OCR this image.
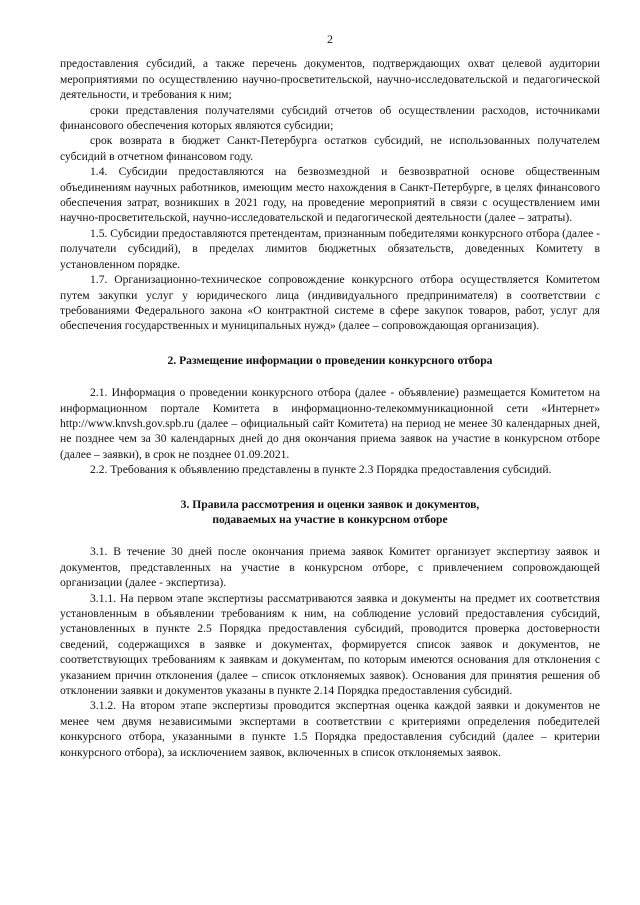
2

предоставления субсидий, а также перечень документов, подтверждающих охват целевой аудитории мероприятиями по осуществлению научно-просветительской, научно-исследовательской и педагогической деятельности, и требования к ним;

сроки представления получателями субсидий отчетов об осуществлении расходов, источниками финансового обеспечения которых являются субсидии;

срок возврата в бюджет Санкт-Петербурга остатков субсидий, не использованных получателем субсидий в отчетном финансовом году.

1.4. Субсидии предоставляются на безвозмездной и безвозвратной основе общественным объединениям научных работников, имеющим место нахождения в Санкт-Петербурге, в целях финансового обеспечения затрат, возникших в 2021 году, на проведение мероприятий в связи с осуществлением ими научно-просветительской, научно-исследовательской и педагогической деятельности (далее – затраты).

1.5. Субсидии предоставляются претендентам, признанным победителями конкурсного отбора (далее - получатели субсидий), в пределах лимитов бюджетных обязательств, доведенных Комитету в установленном порядке.

1.7. Организационно-техническое сопровождение конкурсного отбора осуществляется Комитетом путем закупки услуг у юридического лица (индивидуального предпринимателя) в соответствии с требованиями Федерального закона «О контрактной системе в сфере закупок товаров, работ, услуг для обеспечения государственных и муниципальных нужд» (далее – сопровождающая организация).

2. Размещение информации о проведении конкурсного отбора

2.1. Информация о проведении конкурсного отбора (далее - объявление) размещается Комитетом на информационном портале Комитета в информационно-телекоммуникационной сети «Интернет» http://www.knvsh.gov.spb.ru (далее – официальный сайт Комитета) на период не менее 30 календарных дней, не позднее чем за 30 календарных дней до дня окончания приема заявок на участие в конкурсном отборе (далее – заявки), в срок не позднее 01.09.2021.

2.2. Требования к объявлению представлены в пункте 2.3 Порядка предоставления субсидий.

3. Правила рассмотрения и оценки заявок и документов,

подаваемых на участие в конкурсном отборе

3.1. В течение 30 дней после окончания приема заявок Комитет организует экспертизу заявок и документов, представленных на участие в конкурсном отборе, с привлечением сопровождающей организации (далее - экспертиза).

3.1.1. На первом этапе экспертизы рассматриваются заявка и документы на предмет их соответствия установленным в объявлении требованиям к ним, на соблюдение условий предоставления субсидий, установленных в пункте 2.5 Порядка предоставления субсидий, проводится проверка достоверности сведений, содержащихся в заявке и документах, формируется список заявок и документов, не соответствующих требованиям к заявкам и документам, по которым имеются основания для отклонения с указанием причин отклонения (далее – список отклоняемых заявок). Основания для принятия решения об отклонении заявки и документов указаны в пункте 2.14 Порядка предоставления субсидий.

3.1.2. На втором этапе экспертизы проводится экспертная оценка каждой заявки и документов не менее чем двумя независимыми экспертами в соответствии с критериями определения победителей конкурсного отбора, указанными в пункте 1.5 Порядка предоставления субсидий (далее – критерии конкурсного отбора), за исключением заявок, включенных в список отклоняемых заявок.
